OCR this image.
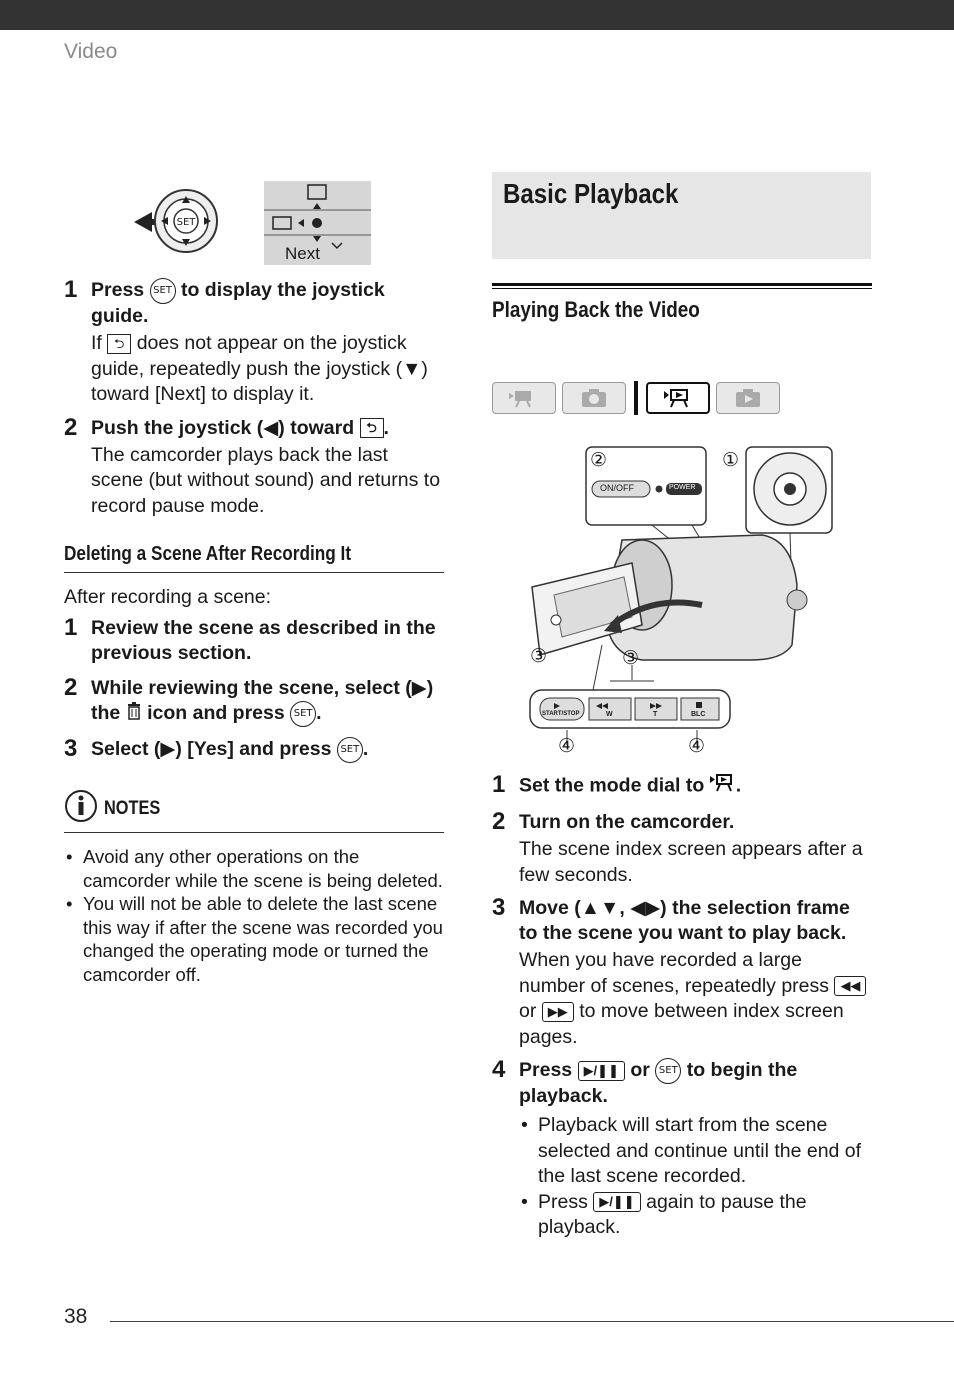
Video
SET
Next
1 Press SET to display the joystick guide.
If ⮌ does not appear on the joystick guide, repeatedly push the joystick (▼) toward [Next] to display it.
2 Push the joystick (◀) toward ⮌ .
The camcorder plays back the last scene (but without sound) and returns to record pause mode.
Deleting a Scene After Recording It
After recording a scene:
1 Review the scene as described in the previous section.
2 While reviewing the scene, select (▶) the icon and press SET .
3 Select (▶) [Yes] and press SET .
NOTES
• Avoid any other operations on the camcorder while the scene is being deleted.
• You will not be able to delete the last scene this way if after the scene was recorded you changed the operating mode or turned the camcorder off.
Basic Playback
Playing Back the Video
②	①
③	③
④	④
ON/OFF	POWER
START/STOP	W	T	BLC
1 Set the mode dial to .
2 Turn on the camcorder.
The scene index screen appears after a few seconds.
3 Move (▲▼, ◀▶) the selection frame to the scene you want to play back.
When you have recorded a large number of scenes, repeatedly press ◀◀ or ▶▶ to move between index screen pages.
4 Press ▶/❚❚ or SET to begin the playback.
• Playback will start from the scene selected and continue until the end of the last scene recorded.
• Press ▶/❚❚ again to pause the playback.
38
